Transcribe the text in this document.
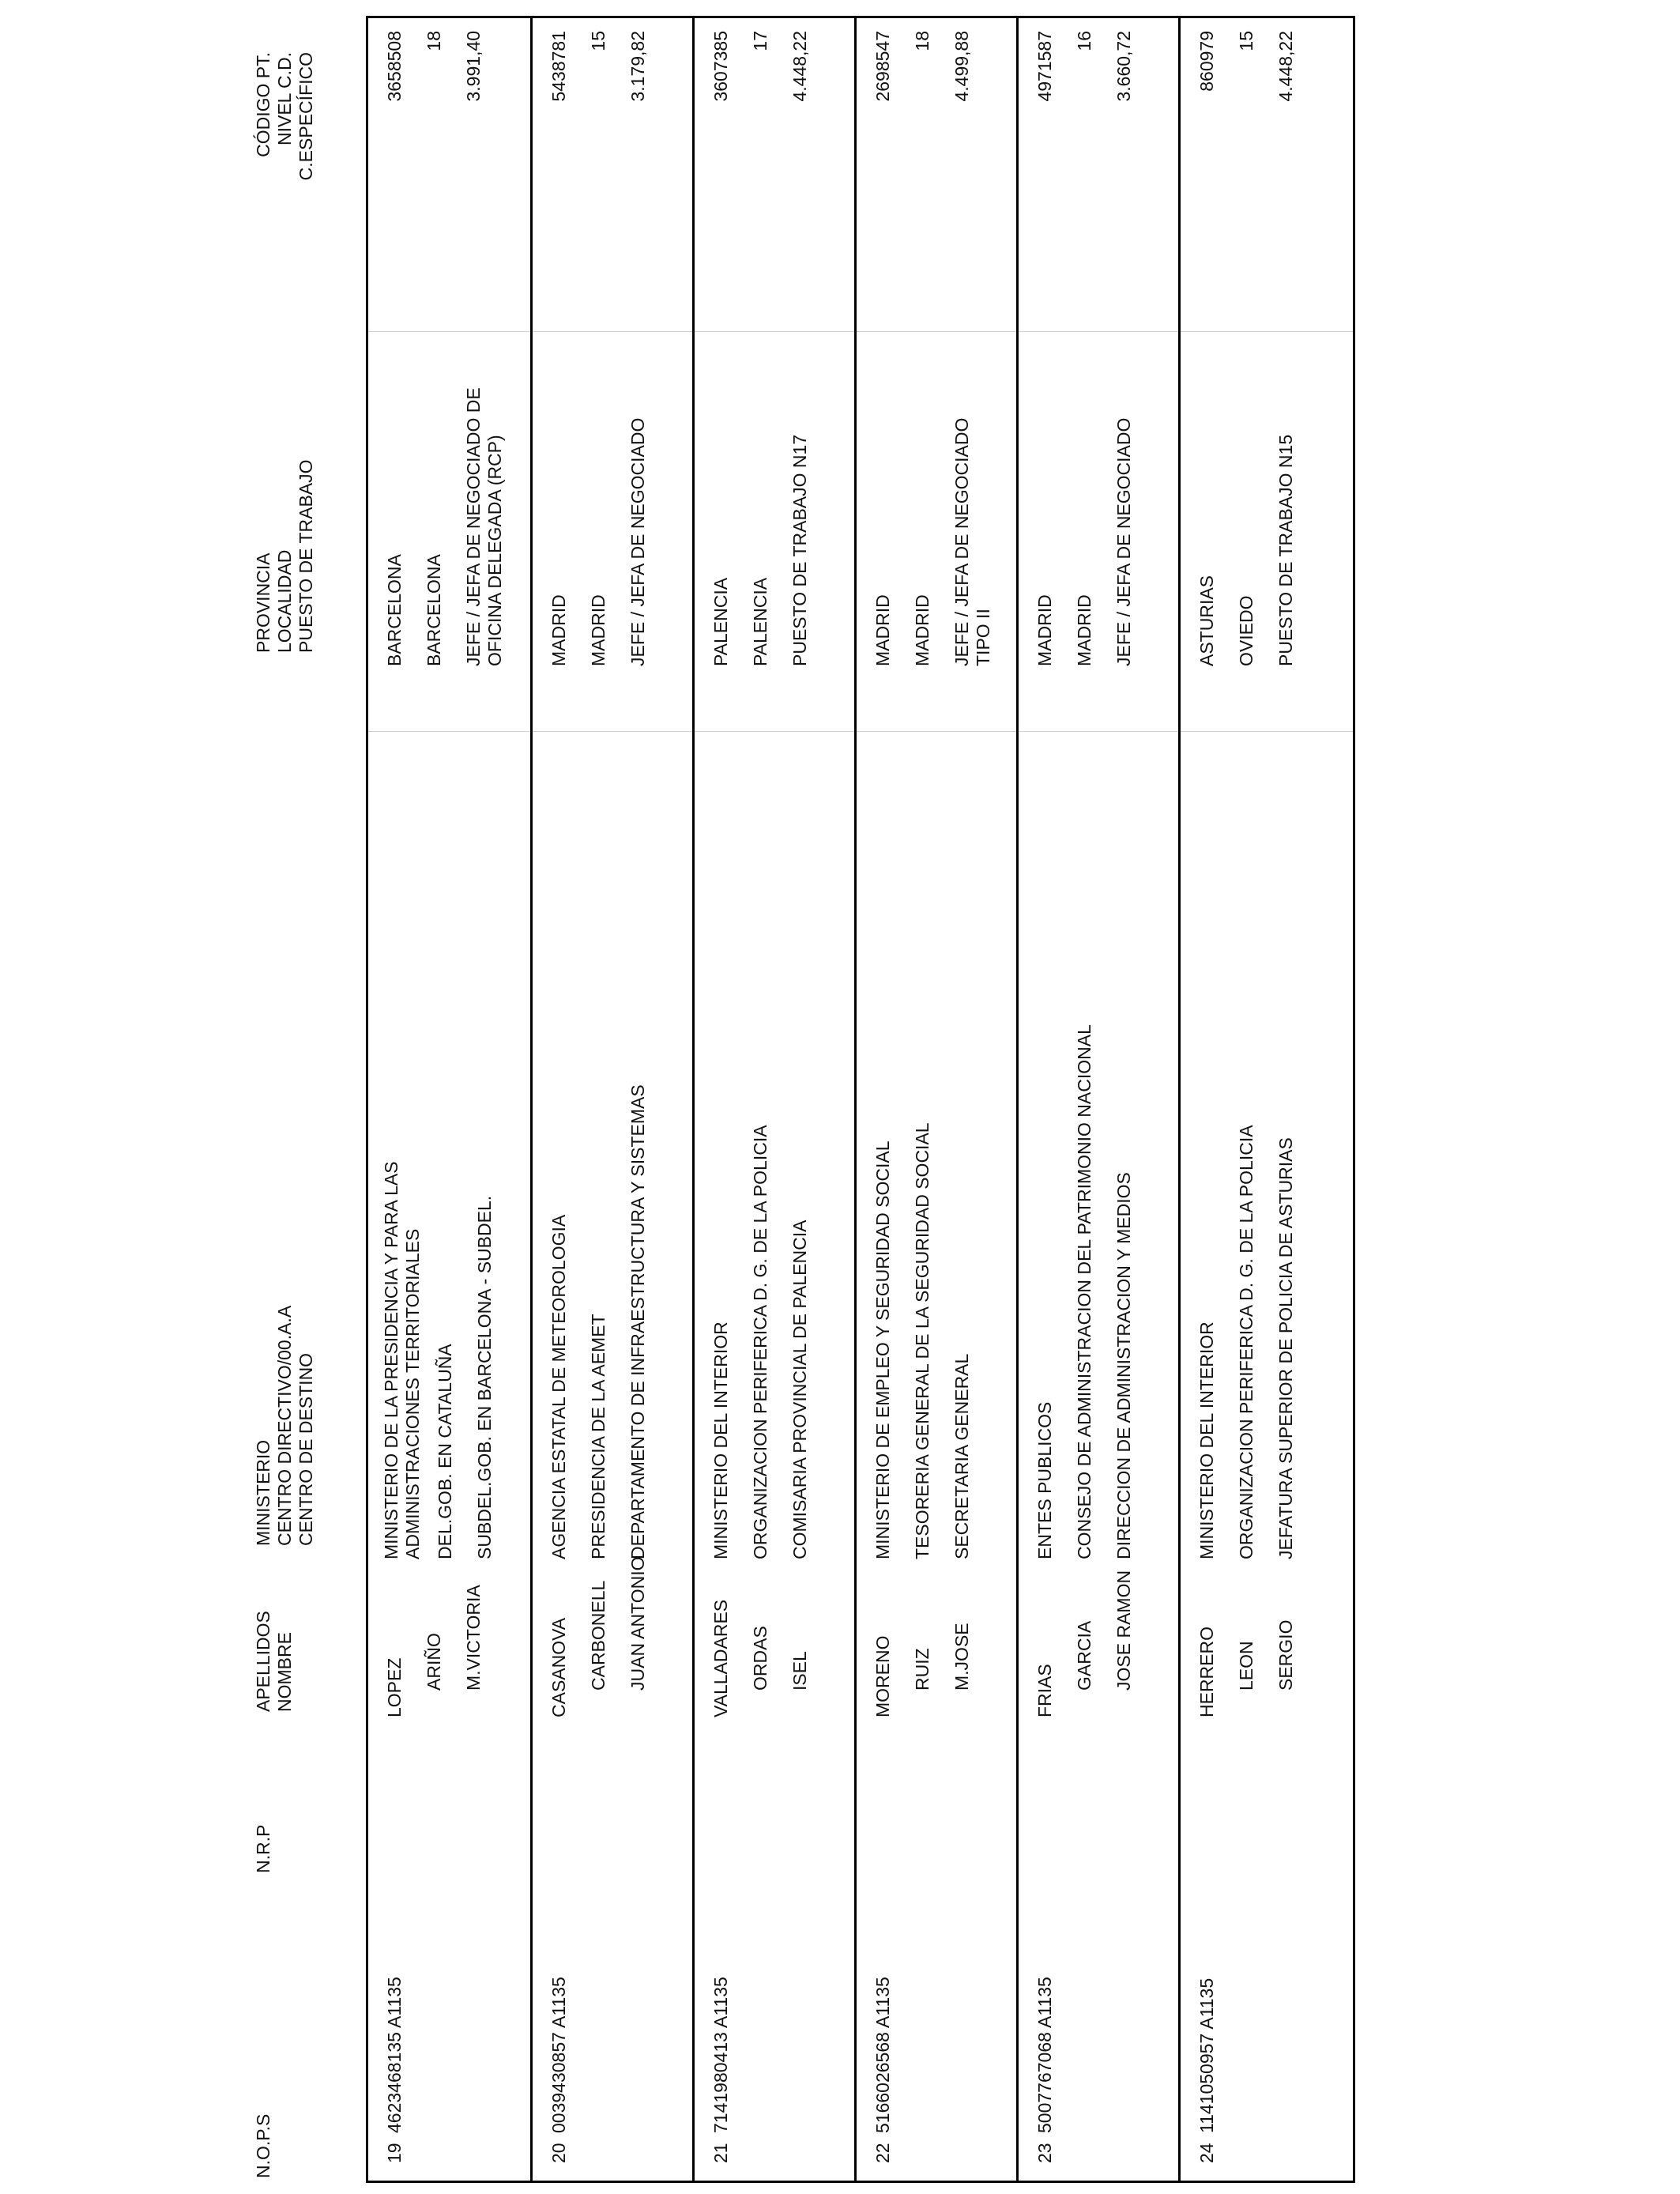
N.O.P.S
N.R.P
APELLIDOS NOMBRE
MINISTERIO CENTRO DIRECTIVO/00.A.A CENTRO DE DESTINO
PROVINCIA LOCALIDAD PUESTO DE TRABAJO
CÓDIGO PT. NIVEL C.D. C.ESPECÍFICO
19
4623468135 A1135
LOPEZ ARIÑO M.VICTORIA
MINISTERIO DE LA PRESIDENCIA Y PARA LAS ADMINISTRACIONES TERRITORIALES DEL.GOB. EN CATALUÑA SUBDEL.GOB. EN BARCELONA - SUBDEL.
BARCELONA BARCELONA JEFE / JEFA DE NEGOCIADO DE OFICINA DELEGADA (RCP)
3658508 18 3.991,40
20
0039430857 A1135
CASANOVA CARBONELL JUAN ANTONIO
AGENCIA ESTATAL DE METEOROLOGIA PRESIDENCIA DE LA AEMET DEPARTAMENTO DE INFRAESTRUCTURA Y SISTEMAS
MADRID MADRID JEFE / JEFA DE NEGOCIADO
5438781 15 3.179,82
21
7141980413 A1135
VALLADARES ORDAS ISEL
MINISTERIO DEL INTERIOR ORGANIZACION PERIFERICA D. G. DE LA POLICIA COMISARIA PROVINCIAL DE PALENCIA
PALENCIA PALENCIA PUESTO DE TRABAJO N17
3607385 17 4.448,22
22
5166026568 A1135
MORENO RUIZ M.JOSE
MINISTERIO DE EMPLEO Y SEGURIDAD SOCIAL TESORERIA GENERAL DE LA SEGURIDAD SOCIAL SECRETARIA GENERAL
MADRID MADRID JEFE / JEFA DE NEGOCIADO TIPO II
2698547 18 4.499,88
23
5007767068 A1135
FRIAS
GARCIA JOSE RAMON
ENTES PUBLICOS CONSEJO DE ADMINISTRACION DEL PATRIMONIO NACIONAL DIRECCION DE ADMINISTRACION Y MEDIOS
MADRID MADRID JEFE / JEFA DE NEGOCIADO
4971587 16 3.660,72
24
1141050957 A1135
HERRERO LEON SERGIO
MINISTERIO DEL INTERIOR ORGANIZACION PERIFERICA D. G. DE LA POLICIA JEFATURA SUPERIOR DE POLICIA DE ASTURIAS
ASTURIAS OVIEDO PUESTO DE TRABAJO N15
860979 15 4.448,22
